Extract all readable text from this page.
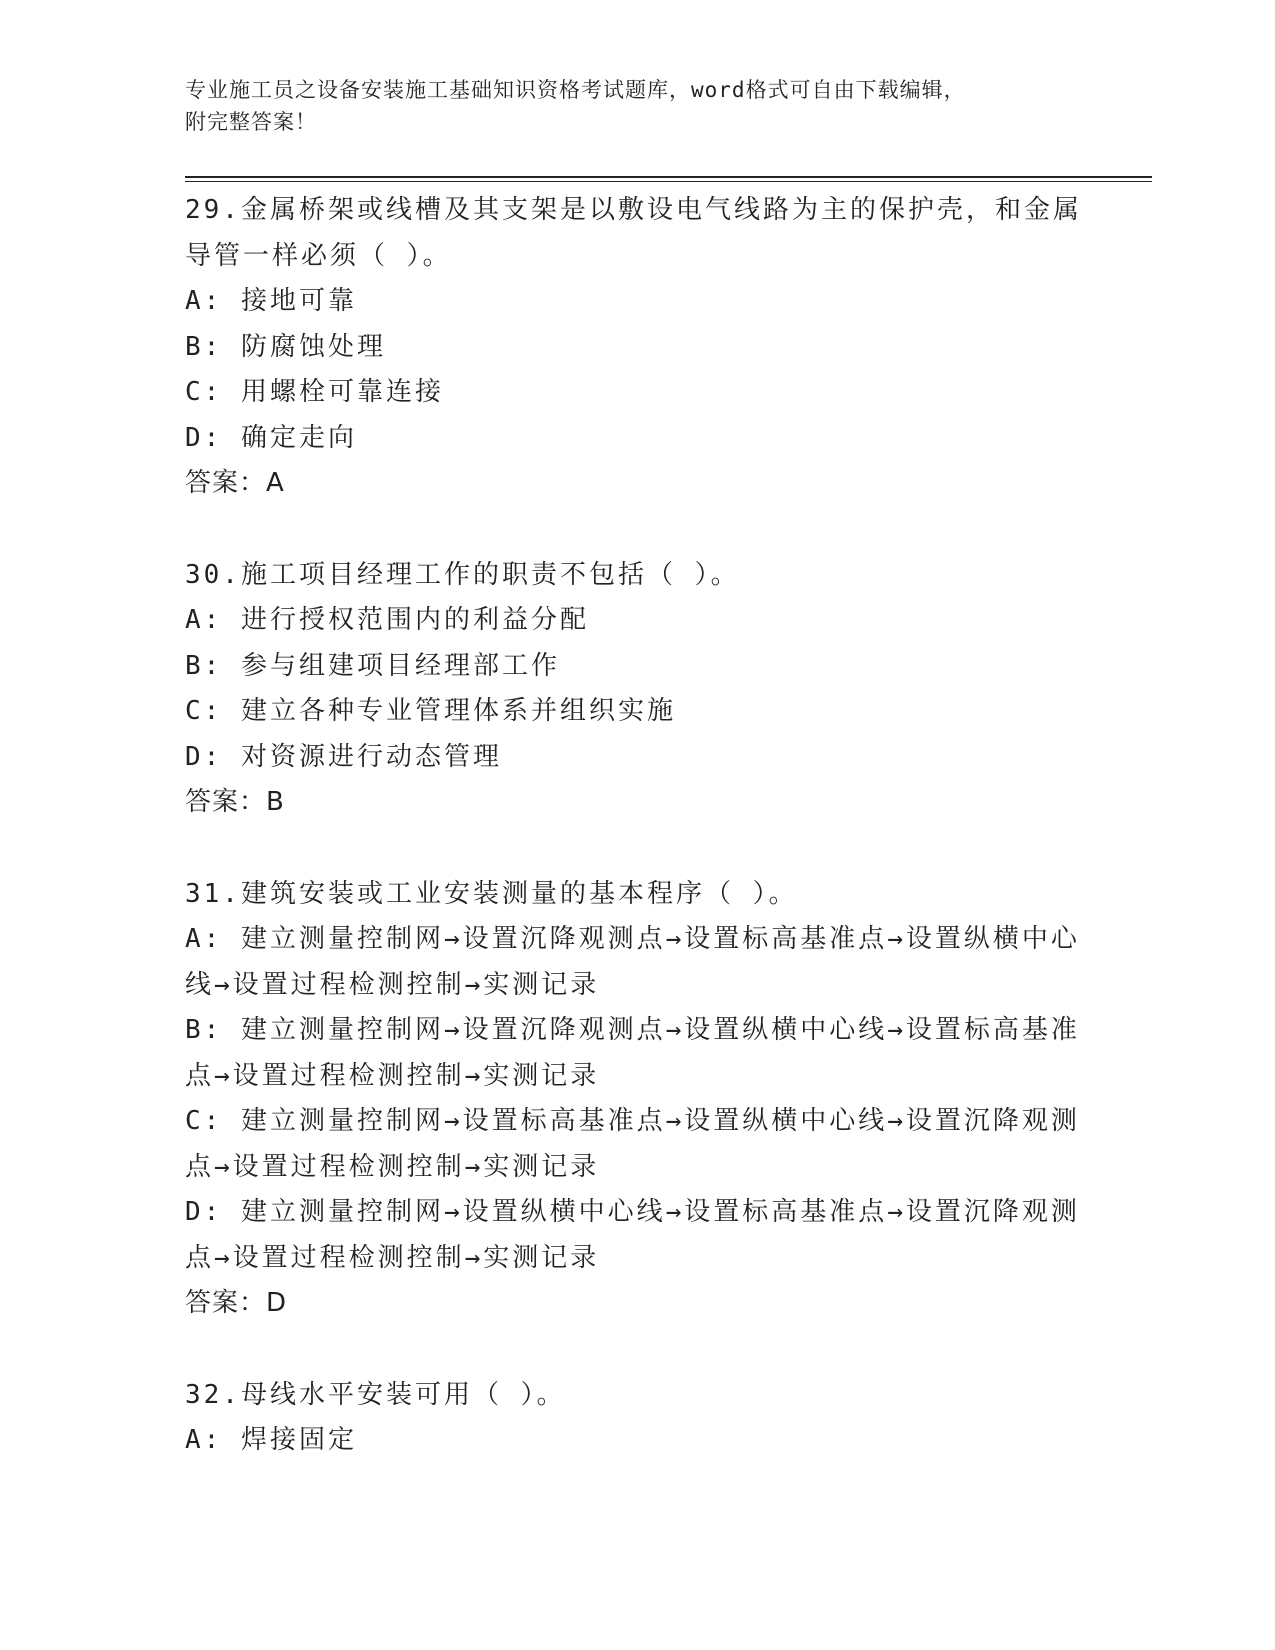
专业施工员之设备安装施工基础知识资格考试题库，word格式可自由下载编辑，
附完整答案！
29.金属桥架或线槽及其支架是以敷设电气线路为主的保护壳，和金属导管一样必须（ ）。
A: 接地可靠
B: 防腐蚀处理
C: 用螺栓可靠连接
D: 确定走向
答案：A
30.施工项目经理工作的职责不包括（ ）。
A: 进行授权范围内的利益分配
B: 参与组建项目经理部工作
C: 建立各种专业管理体系并组织实施
D: 对资源进行动态管理
答案：B
31.建筑安装或工业安装测量的基本程序（ ）。
A: 建立测量控制网→设置沉降观测点→设置标高基准点→设置纵横中心线→设置过程检测控制→实测记录
B: 建立测量控制网→设置沉降观测点→设置纵横中心线→设置标高基准点→设置过程检测控制→实测记录
C: 建立测量控制网→设置标高基准点→设置纵横中心线→设置沉降观测点→设置过程检测控制→实测记录
D: 建立测量控制网→设置纵横中心线→设置标高基准点→设置沉降观测点→设置过程检测控制→实测记录
答案：D
32.母线水平安装可用（ ）。
A: 焊接固定
